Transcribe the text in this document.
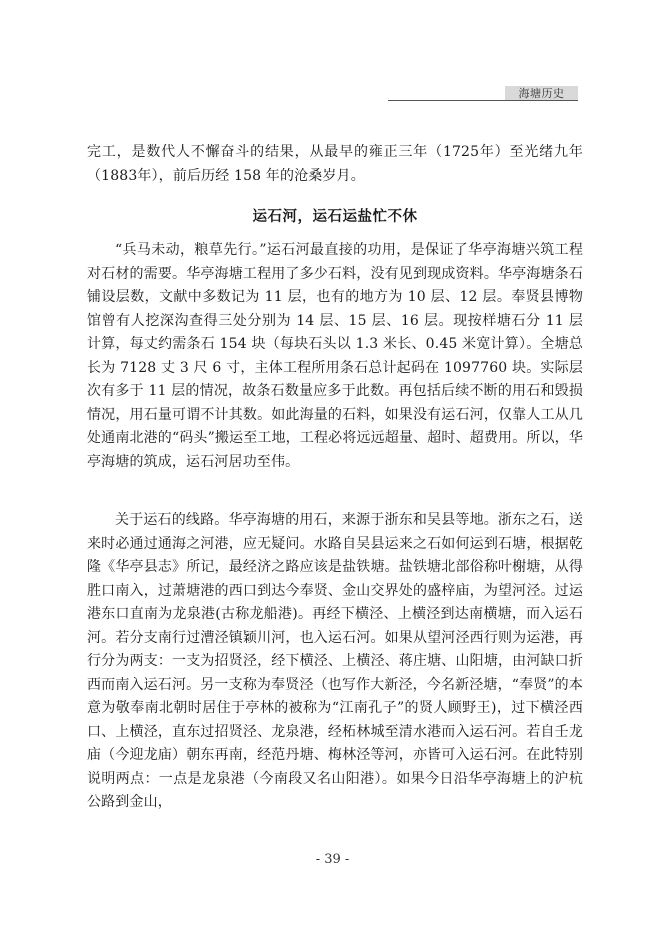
海塘历史

完工，是数代人不懈奋斗的结果，从最早的雍正三年（1725年）至光绪九年（1883年），前后历经 158 年的沧桑岁月。

运石河，运石运盐忙不休

“兵马未动，粮草先行。”运石河最直接的功用，是保证了华亭海塘兴筑工程对石材的需要。华亭海塘工程用了多少石料，没有见到现成资料。华亭海塘条石铺设层数，文献中多数记为 11 层，也有的地方为 10 层、12 层。奉贤县博物馆曾有人挖深沟查得三处分别为 14 层、15 层、16 层。现按样塘石分 11 层计算，每丈约需条石 154 块（每块石头以 1.3 米长、0.45 米宽计算）。全塘总长为 7128 丈 3 尺 6 寸，主体工程所用条石总计起码在 1097760 块。实际层次有多于 11 层的情况，故条石数量应多于此数。再包括后续不断的用石和毁损情况，用石量可谓不计其数。如此海量的石料，如果没有运石河，仅靠人工从几处通南北港的“码头”搬运至工地，工程必将远远超量、超时、超费用。所以，华亭海塘的筑成，运石河居功至伟。

关于运石的线路。华亭海塘的用石，来源于浙东和吴县等地。浙东之石，送来时必通过通海之河港，应无疑问。水路自吴县运来之石如何运到石塘，根据乾隆《华亭县志》所记，最经济之路应该是盐铁塘。盐铁塘北部俗称叶榭塘，从得胜口南入，过萧塘港的西口到达今奉贤、金山交界处的盛梓庙，为望河泾。过运港东口直南为龙泉港(古称龙船港)。再经下横泾、上横泾到达南横塘，而入运石河。若分支南行过漕泾镇颖川河，也入运石河。如果从望河泾西行则为运港，再行分为两支：一支为招贤泾，经下横泾、上横泾、蒋庄塘、山阳塘，由河缺口折西而南入运石河。另一支称为奉贤泾（也写作大新泾，今名新泾塘，“奉贤”的本意为敬奉南北朝时居住于亭林的被称为“江南孔子”的贤人顾野王)，过下横泾西口、上横泾，直东过招贤泾、龙泉港，经柘林城至清水港而入运石河。若自壬龙庙（今迎龙庙）朝东再南，经范丹塘、梅林泾等河，亦皆可入运石河。在此特别说明两点：一点是龙泉港（今南段又名山阳港）。如果今日沿华亭海塘上的沪杭公路到金山，

- 39 -
